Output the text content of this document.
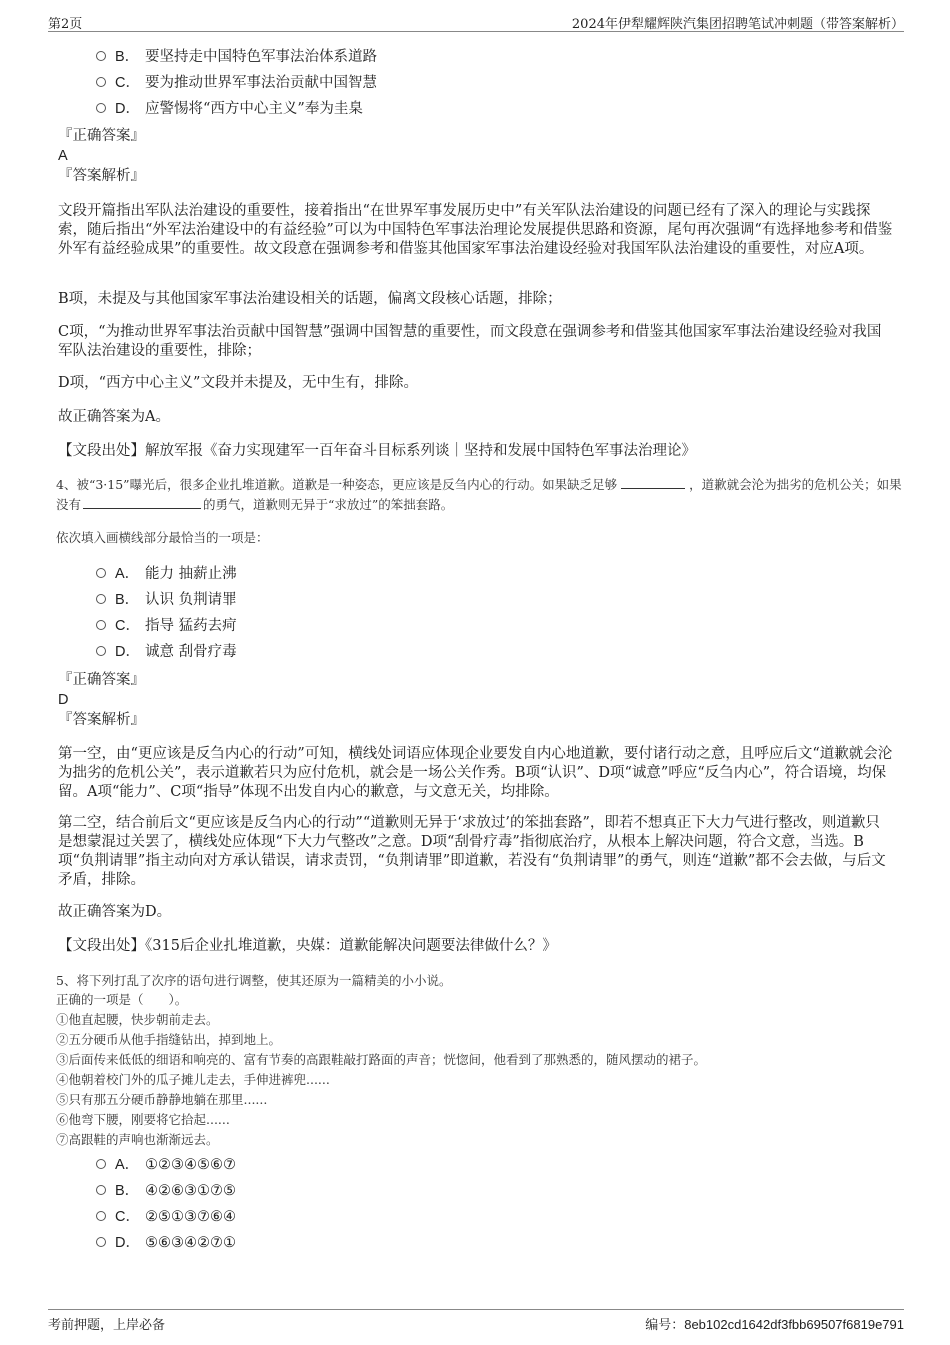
第2页	2024年伊犁耀辉陕汽集团招聘笔试冲刺题（带答案解析）
B． 要坚持走中国特色军事法治体系道路
C． 要为推动世界军事法治贡献中国智慧
D． 应警惕将“西方中心主义”奉为圭臬
『正确答案』
A
『答案解析』
文段开篇指出军队法治建设的重要性，接着指出“在世界军事发展历史中”有关军队法治建设的问题已经有了深入的理论与实践探索，随后指出“外军法治建设中的有益经验”可以为中国特色军事法治理论发展提供思路和资源，尾句再次强调“有选择地参考和借鉴外军有益经验成果”的重要性。故文段意在强调参考和借鉴其他国家军事法治建设经验对我国军队法治建设的重要性，对应A项。
B项，未提及与其他国家军事法治建设相关的话题，偏离文段核心话题，排除；
C项，“为推动世界军事法治贡献中国智慧”强调中国智慧的重要性，而文段意在强调参考和借鉴其他国家军事法治建设经验对我国军队法治建设的重要性，排除；
D项，“西方中心主义”文段并未提及，无中生有，排除。
故正确答案为A。
【文段出处】解放军报《奋力实现建军一百年奋斗目标系列谈｜坚持和发展中国特色军事法治理论》
4、被“3·15”曝光后，很多企业扎堆道歉。道歉是一种姿态，更应该是反刍内心的行动。如果缺乏足够	，道歉就会沦为拙劣的危机公关；如果没有	的勇气，道歉则无异于“求放过”的笨拙套路。
依次填入画横线部分最恰当的一项是：
A． 能力 抽薪止沸
B． 认识 负荆请罪
C． 指导 猛药去疴
D． 诚意 刮骨疗毒
『正确答案』
D
『答案解析』
第一空，由“更应该是反刍内心的行动”可知，横线处词语应体现企业要发自内心地道歉，要付诸行动之意，且呼应后文“道歉就会沦为拙劣的危机公关”，表示道歉若只为应付危机，就会是一场公关作秀。B项“认识”、D项“诚意”呼应“反刍内心”，符合语境，均保留。A项“能力”、C项“指导”体现不出发自内心的歉意，与文意无关，均排除。
第二空，结合前后文“更应该是反刍内心的行动”“道歉则无异于‘求放过’的笨拙套路”，即若不想真正下大力气进行整改，则道歉只是想蒙混过关罢了，横线处应体现“下大力气整改”之意。D项“刮骨疗毒”指彻底治疗，从根本上解决问题，符合文意，当选。B项“负荆请罪”指主动向对方承认错误，请求责罚，“负荆请罪”即道歉，若没有“负荆请罪”的勇气，则连“道歉”都不会去做，与后文矛盾，排除。
故正确答案为D。
【文段出处】《315后企业扎堆道歉，央媒：道歉能解决问题要法律做什么？》
5、将下列打乱了次序的语句进行调整，使其还原为一篇精美的小小说。
正确的一项是（　　）。
①他直起腰，快步朝前走去。
②五分硬币从他手指缝钻出，掉到地上。
③后面传来低低的细语和响亮的、富有节奏的高跟鞋敲打路面的声音；恍惚间，他看到了那熟悉的，随风摆动的裙子。
④他朝着校门外的瓜子摊儿走去，手伸进裤兜......
⑤只有那五分硬币静静地躺在那里......
⑥他弯下腰，刚要将它拾起......
⑦高跟鞋的声响也渐渐远去。
A． ①②③④⑤⑥⑦
B． ④②⑥③①⑦⑤
C． ②⑤①③⑦⑥④
D． ⑤⑥③④②⑦①
考前押题，上岸必备	编号：8eb102cd1642df3fbb69507f6819e791
